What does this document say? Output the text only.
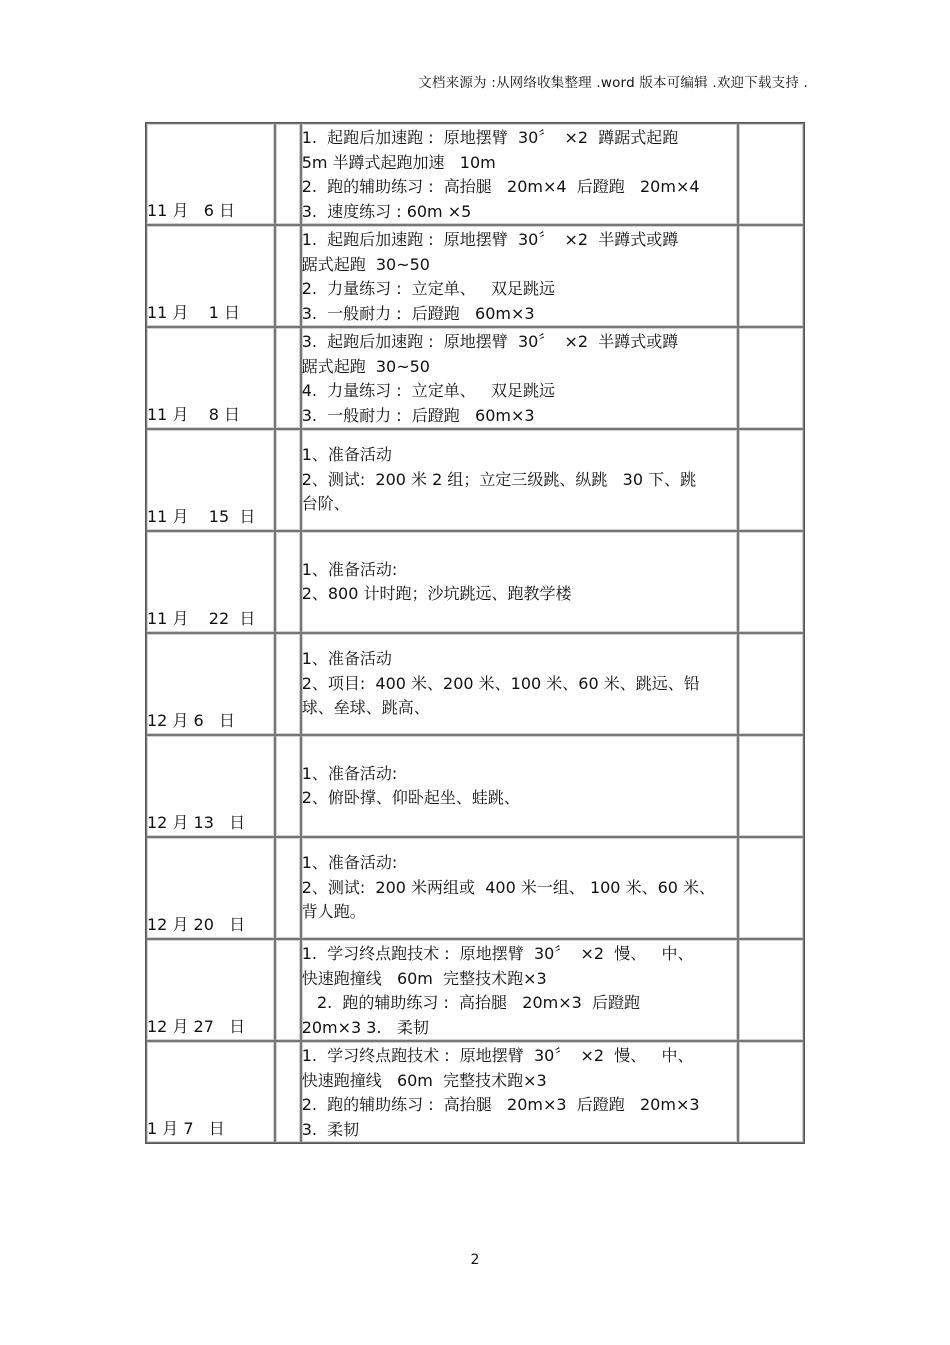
文档来源为 :从网络收集整理 .word 版本可编辑 .欢迎下载支持 .
11 月   6 日		1.  起跑后加速跑 :  原地摆臂  30〞  ×2  蹲踞式起跑
5m 半蹲式起跑加速   10m
2.  跑的辅助练习 :  高抬腿   20m×4  后蹬跑   20m×4
3.  速度练习 : 60m ×5	

11 月    1 日		1.  起跑后加速跑 :  原地摆臂  30〞  ×2  半蹲式或蹲
踞式起跑  30~50
2.  力量练习 :  立定单、   双足跳远
3.  一般耐力 :  后蹬跑   60m×3	

11 月    8 日		3.  起跑后加速跑 :  原地摆臂  30〞  ×2  半蹲式或蹲
踞式起跑  30~50
4.  力量练习 :  立定单、   双足跳远
3.  一般耐力 :  后蹬跑   60m×3	

11 月    15  日		1、准备活动
2、测试:  200 米 2 组；立定三级跳、纵跳   30 下、跳
台阶、	

11 月    22  日		1、准备活动:
2、800 计时跑；沙坑跳远、跑教学楼	

12 月 6   日		1、准备活动
2、项目:  400 米、200 米、100 米、60 米、跳远、铅
球、垒球、跳高、	

12 月 13   日		1、准备活动:
2、俯卧撑、仰卧起坐、蛙跳、	

12 月 20   日		1、准备活动:
2、测试:  200 米两组或  400 米一组、 100 米、60 米、
背人跑。	

12 月 27   日		1.  学习终点跑技术 :  原地摆臂  30〞  ×2  慢、   中、
快速跑撞线   60m  完整技术跑×3
2.  跑的辅助练习 :  高抬腿   20m×3  后蹬跑
20m×3 3.   柔韧	

1 月 7   日		1.  学习终点跑技术 :  原地摆臂  30〞  ×2  慢、   中、
快速跑撞线   60m  完整技术跑×3
2.  跑的辅助练习 :  高抬腿   20m×3  后蹬跑   20m×3
3.  柔韧	

2
